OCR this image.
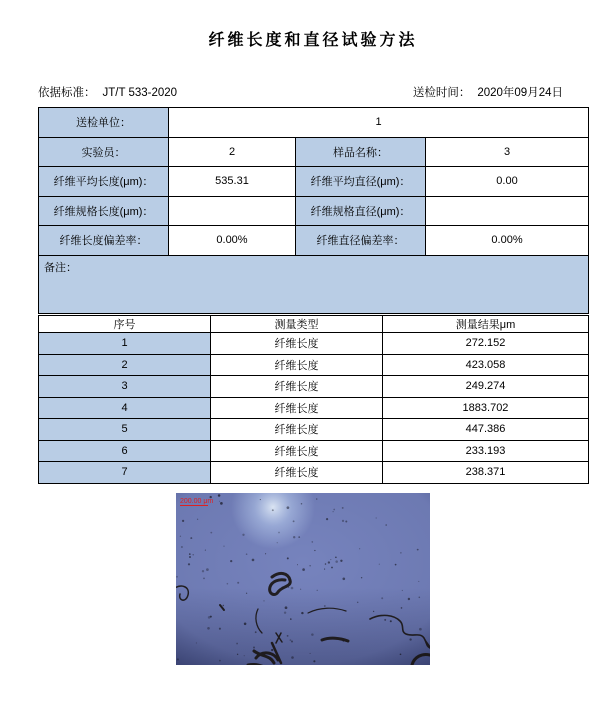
纤维长度和直径试验方法
依据标准： JT/T 533-2020	送检时间： 2020年09月24日
送检单位：	1		
实验员：	2	样品名称：	3
纤维平均长度(μm)：	535.31	纤维平均直径(μm)：	0.00
纤维规格长度(μm)：		纤维规格直径(μm)：	
纤维长度偏差率：	0.00%	纤维直径偏差率：	0.00%
备注：			
序号	测量类型	测量结果μm
1	纤维长度	272.152
2	纤维长度	423.058
3	纤维长度	249.274
4	纤维长度	1883.702
5	纤维长度	447.386
6	纤维长度	233.193
7	纤维长度	238.371
200.00 μm
